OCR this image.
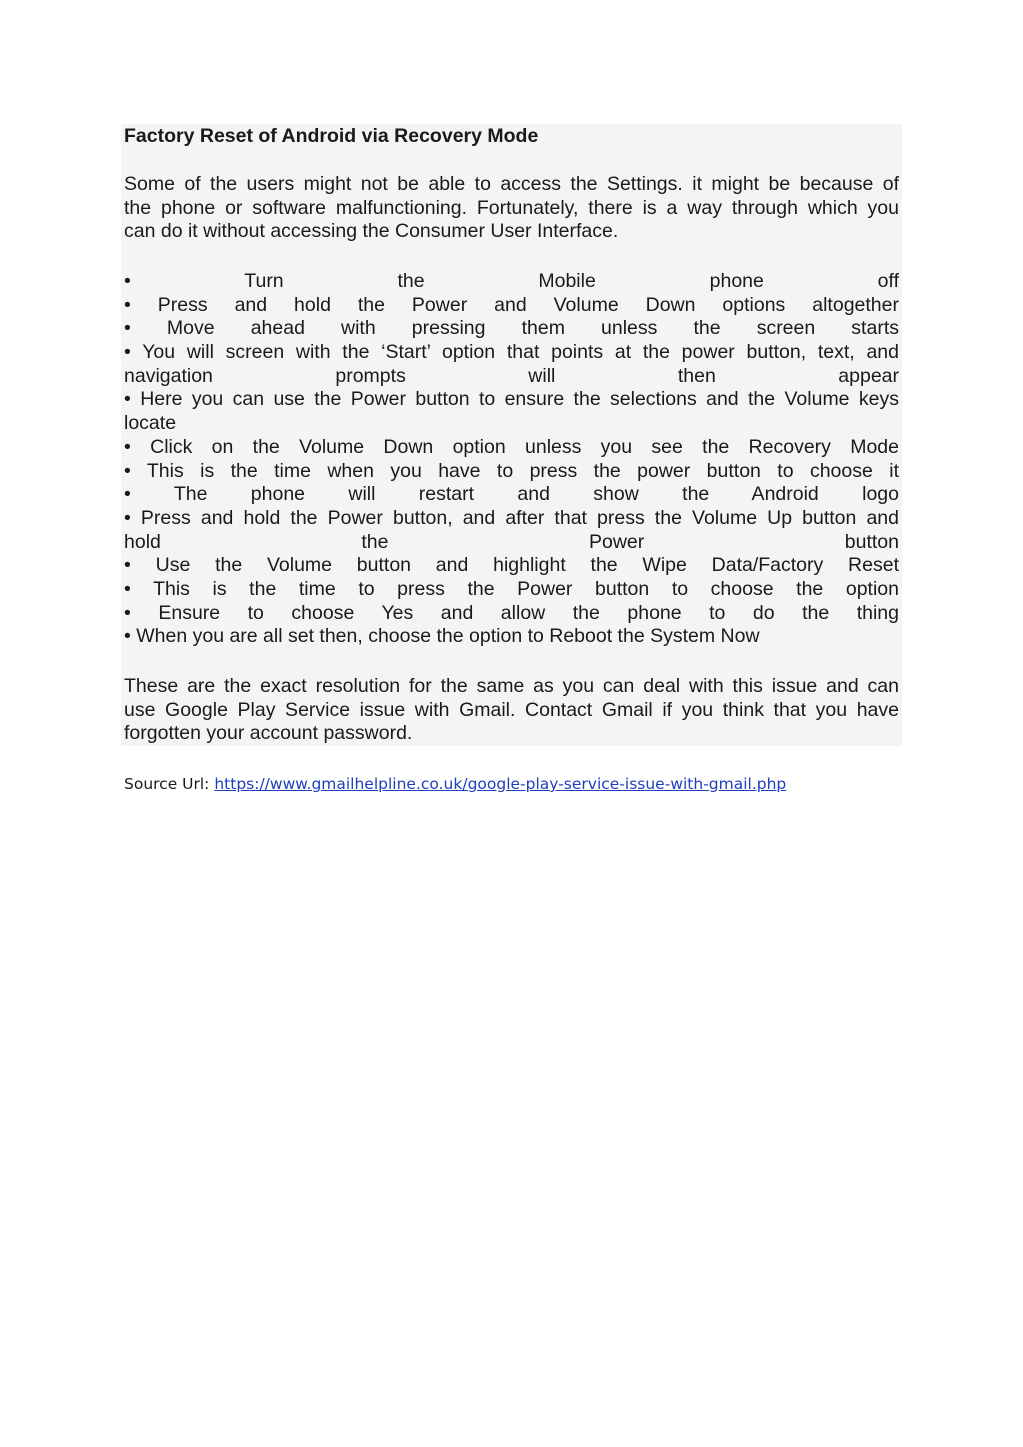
Factory Reset of Android via Recovery Mode
Some of the users might not be able to access the Settings. it might be because of
the phone or software malfunctioning. Fortunately, there is a way through which you
can do it without accessing the Consumer User Interface.
• Turn the Mobile phone off
• Press and hold the Power and Volume Down options altogether
• Move ahead with pressing them unless the screen starts
• You will screen with the ‘Start’ option that points at the power button, text, and
navigation prompts will then appear
• Here you can use the Power button to ensure the selections and the Volume keys
locate
• Click on the Volume Down option unless you see the Recovery Mode
• This is the time when you have to press the power button to choose it
• The phone will restart and show the Android logo
• Press and hold the Power button, and after that press the Volume Up button and
hold the Power button
• Use the Volume button and highlight the Wipe Data/Factory Reset
• This is the time to press the Power button to choose the option
• Ensure to choose Yes and allow the phone to do the thing
• When you are all set then, choose the option to Reboot the System Now
These are the exact resolution for the same as you can deal with this issue and can
use Google Play Service issue with Gmail. Contact Gmail if you think that you have
forgotten your account password.
Source Url: https://www.gmailhelpline.co.uk/google-play-service-issue-with-gmail.php
